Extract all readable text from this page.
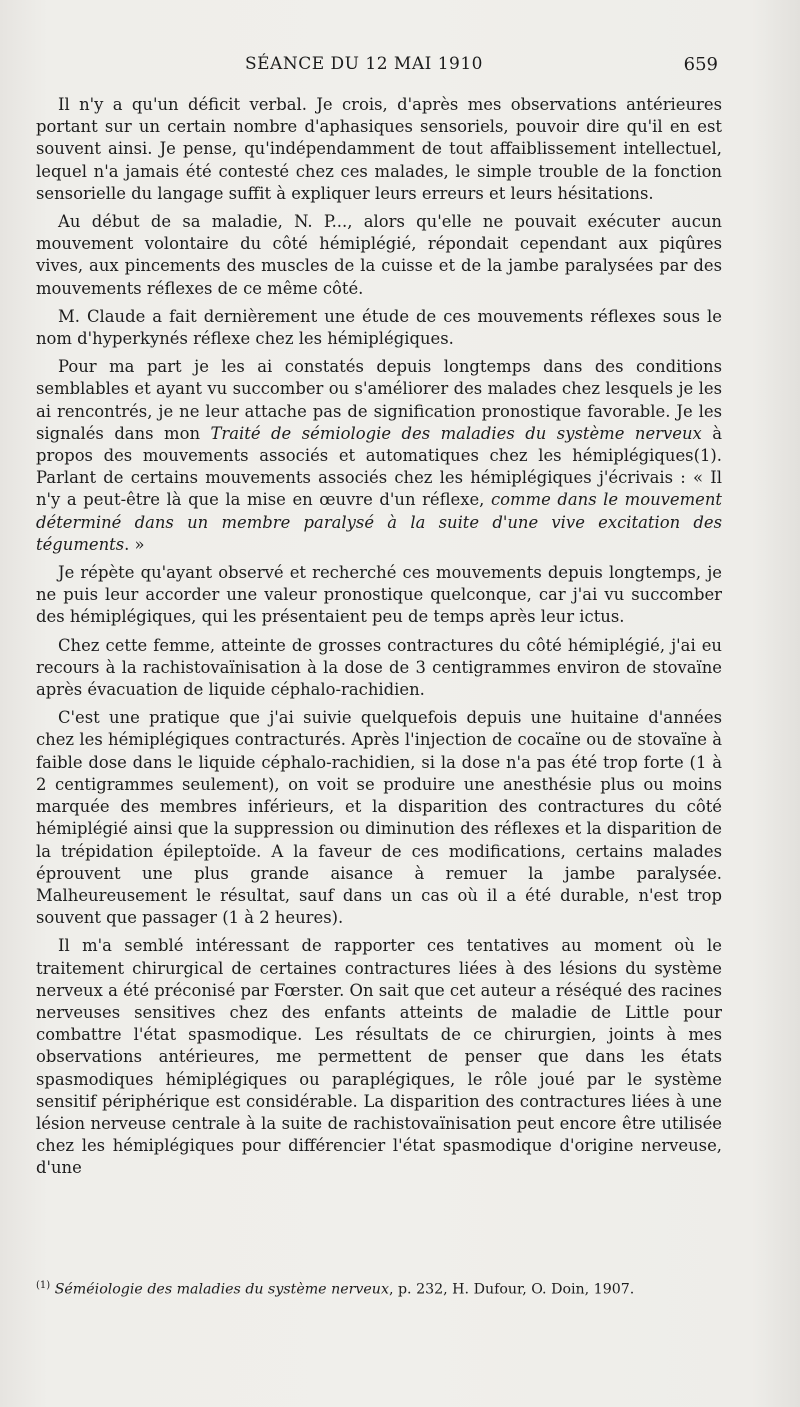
SÉANCE DU 12 MAI 1910	659

Il n'y a qu'un déficit verbal. Je crois, d'après mes observations antérieures portant sur un certain nombre d'aphasiques sensoriels, pouvoir dire qu'il en est souvent ainsi. Je pense, qu'indépendamment de tout affaiblissement intellectuel, lequel n'a jamais été contesté chez ces malades, le simple trouble de la fonction sensorielle du langage suffit à expliquer leurs erreurs et leurs hésitations.

Au début de sa maladie, N. P..., alors qu'elle ne pouvait exécuter aucun mouvement volontaire du côté hémiplégié, répondait cependant aux piqûres vives, aux pincements des muscles de la cuisse et de la jambe paralysées par des mouvements réflexes de ce même côté.

M. Claude a fait dernièrement une étude de ces mouvements réflexes sous le nom d'hyperkynés réflexe chez les hémiplégiques.

Pour ma part je les ai constatés depuis longtemps dans des conditions semblables et ayant vu succomber ou s'améliorer des malades chez lesquels je les ai rencontrés, je ne leur attache pas de signification pronostique favorable. Je les signalés dans mon Traité de sémiologie des maladies du système nerveux à propos des mouvements associés et automatiques chez les hémiplégiques(1). Parlant de certains mouvements associés chez les hémiplégiques j'écrivais : « Il n'y a peut-être là que la mise en œuvre d'un réflexe, comme dans le mouvement déterminé dans un membre paralysé à la suite d'une vive excitation des téguments. »

Je répète qu'ayant observé et recherché ces mouvements depuis longtemps, je ne puis leur accorder une valeur pronostique quelconque, car j'ai vu succomber des hémiplégiques, qui les présentaient peu de temps après leur ictus.

Chez cette femme, atteinte de grosses contractures du côté hémiplégié, j'ai eu recours à la rachistovaïnisation à la dose de 3 centigrammes environ de stovaïne après évacuation de liquide céphalo-rachidien.

C'est une pratique que j'ai suivie quelquefois depuis une huitaine d'années chez les hémiplégiques contracturés. Après l'injection de cocaïne ou de stovaïne à faible dose dans le liquide céphalo-rachidien, si la dose n'a pas été trop forte (1 à 2 centigrammes seulement), on voit se produire une anesthésie plus ou moins marquée des membres inférieurs, et la disparition des contractures du côté hémiplégié ainsi que la suppression ou diminution des réflexes et la disparition de la trépidation épileptoïde. A la faveur de ces modifications, certains malades éprouvent une plus grande aisance à remuer la jambe paralysée. Malheureusement le résultat, sauf dans un cas où il a été durable, n'est trop souvent que passager (1 à 2 heures).

Il m'a semblé intéressant de rapporter ces tentatives au moment où le traitement chirurgical de certaines contractures liées à des lésions du système nerveux a été préconisé par Fœrster. On sait que cet auteur a réséqué des racines nerveuses sensitives chez des enfants atteints de maladie de Little pour combattre l'état spasmodique. Les résultats de ce chirurgien, joints à mes observations antérieures, me permettent de penser que dans les états spasmodiques hémiplégiques ou paraplégiques, le rôle joué par le système sensitif périphérique est considérable. La disparition des contractures liées à une lésion nerveuse centrale à la suite de rachistovaïnisation peut encore être utilisée chez les hémiplégiques pour différencier l'état spasmodique d'origine nerveuse, d'une

$^{(1)}$ Séméiologie des maladies du système nerveux, p. 232, H. Dufour, O. Doin, 1907.
